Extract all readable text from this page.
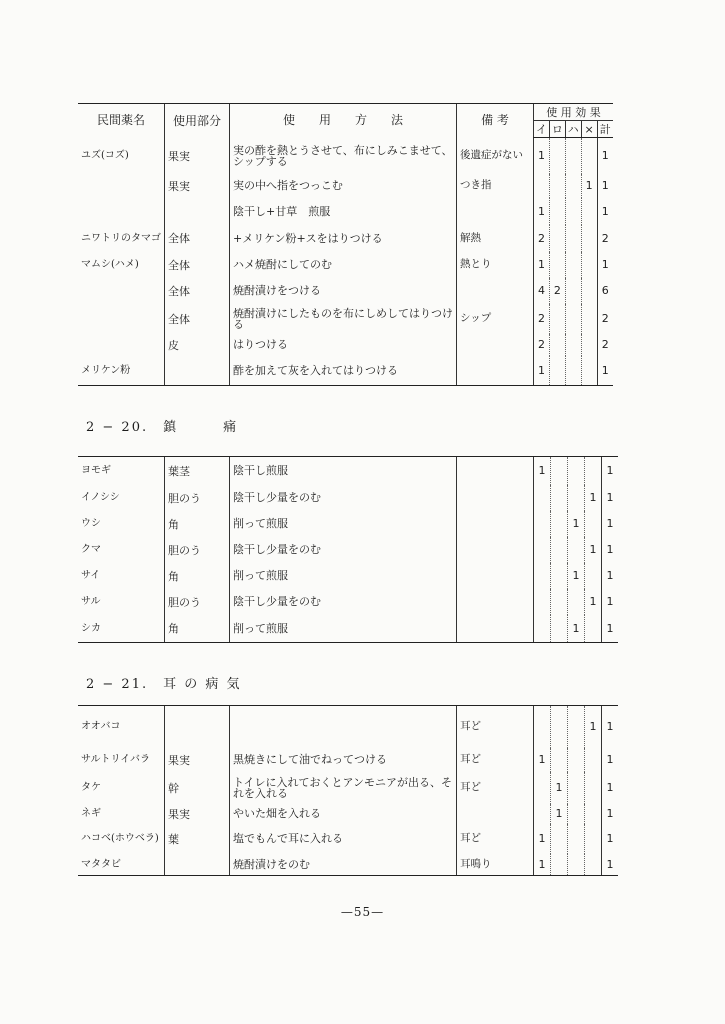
民間薬名	使用部分	使　　用　　方　　法	備 考	使 用 効 果				
				イ	ロ	ハ	×	計
ユズ(コズ)	果実	実の酢を熱とうさせて、布にしみこませて、シップする	後遺症がない	1				1
	果実	実の中へ指をつっこむ	つき指				1	1
		陰干し+甘草　煎服		1				1
ニワトリのタマゴ	全体	+メリケン粉+スをはりつける	解熱	2				2
マムシ(ハメ)	全体	ハメ焼酎にしてのむ	熱とり	1				1
	全体	焼酎漬けをつける		4	2			6
	全体	焼酎漬けにしたものを布にしめしてはりつける	シップ	2				2
	皮	はりつける		2				2
メリケン粉		酢を加えて灰を入れてはりつける		1				1
2 − 20.　鎮　　　痛
ヨモギ	葉茎	陰干し煎服		1				1
イノシシ	胆のう	陰干し少量をのむ					1	1
ウシ	角	削って煎服				1		1
クマ	胆のう	陰干し少量をのむ					1	1
サイ	角	削って煎服				1		1
サル	胆のう	陰干し少量をのむ					1	1
シカ	角	削って煎服				1		1
2 − 21.　耳 の 病 気
オオバコ			耳ど				1	1
サルトリイバラ	果実	黒焼きにして油でねってつける	耳ど	1				1
タケ	幹	トイレに入れておくとアンモニアが出る、それを入れる	耳ど		1			1
ネギ	果実	やいた畑を入れる			1			1
ハコベ(ホウベラ)	葉	塩でもんで耳に入れる	耳ど	1				1
マタタビ		焼酎漬けをのむ	耳鳴り	1				1
—55—
